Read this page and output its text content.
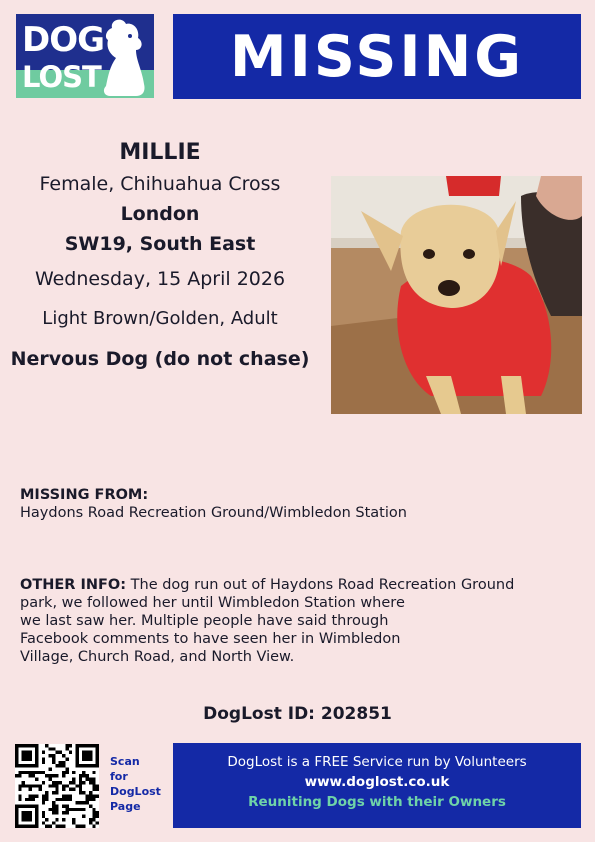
DOG
LOST	MISSING
MILLIE
Female, Chihuahua Cross
London
SW19, South East
Wednesday, 15 April 2026
Light Brown/Golden, Adult
Nervous Dog (do not chase)
MISSING FROM:
Haydons Road Recreation Ground/Wimbledon Station
OTHER INFO: The dog run out of Haydons Road Recreation Ground
park, we followed her until Wimbledon Station where
we last saw her. Multiple people have said through
Facebook comments to have seen her in Wimbledon
Village, Church Road, and North View.
DogLost ID: 202851
Scan
for
DogLost
Page
DogLost is a FREE Service run by Volunteers
www.doglost.co.uk
Reuniting Dogs with their Owners
